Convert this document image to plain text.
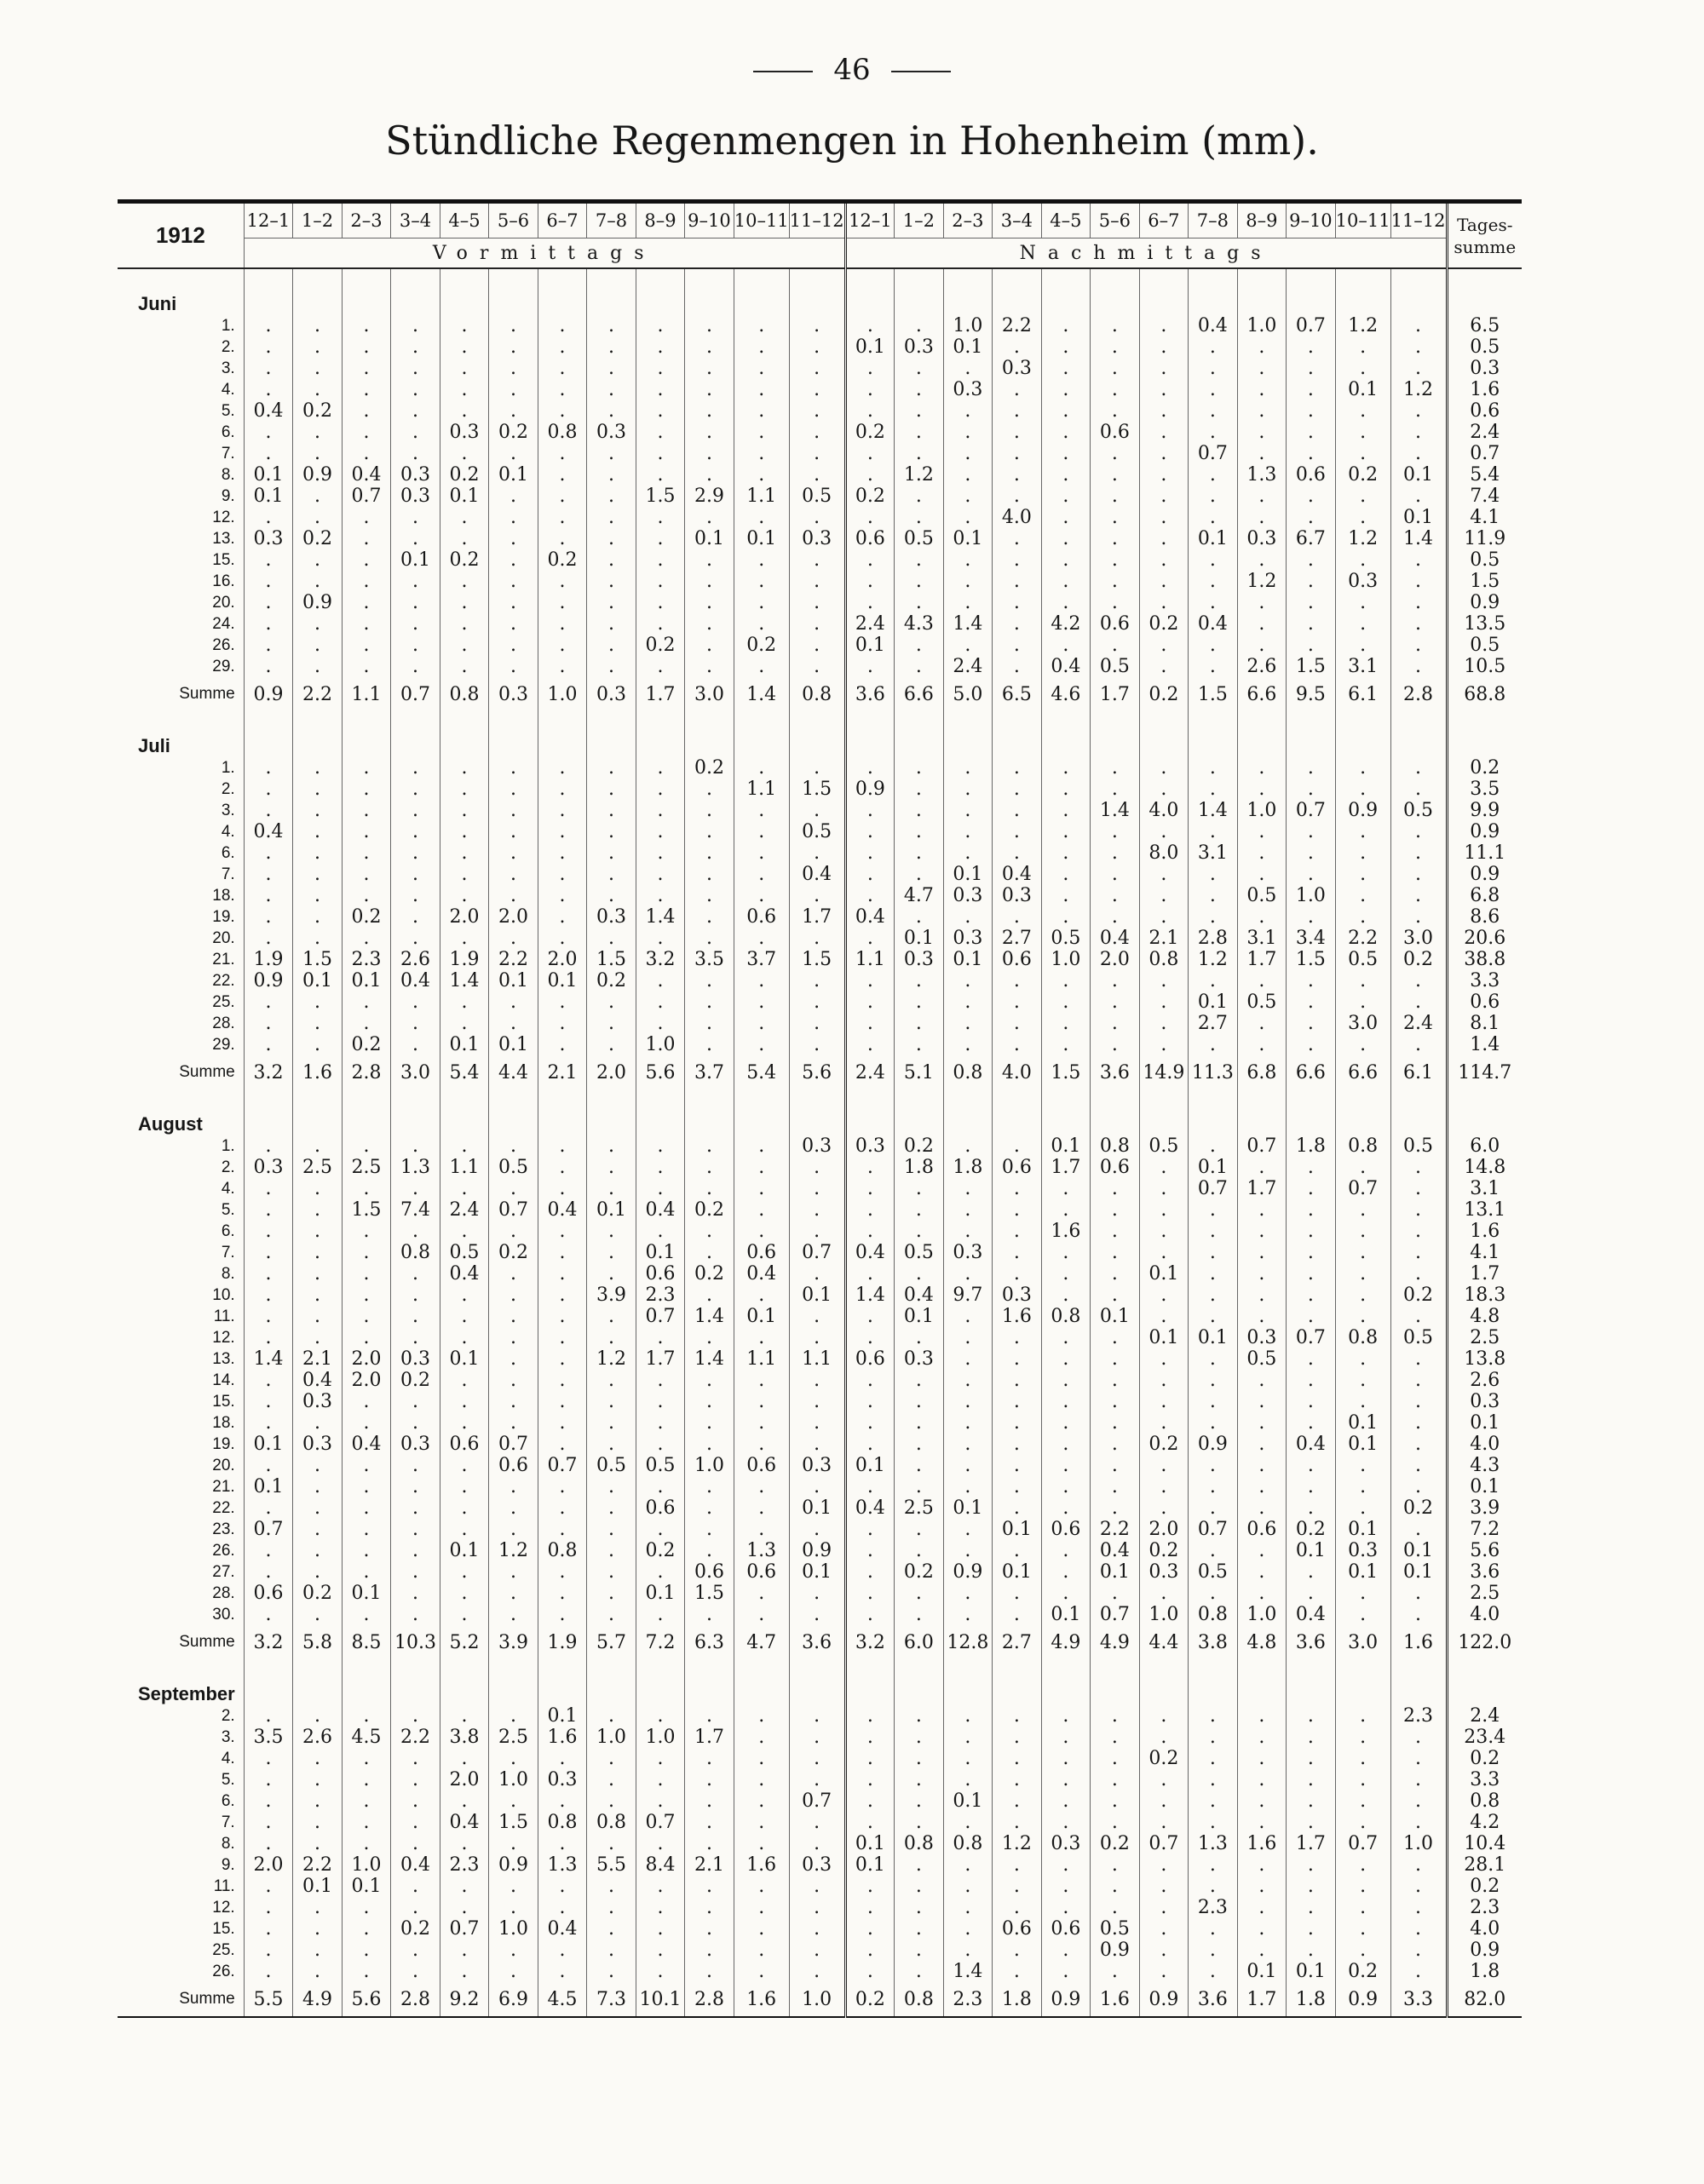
46
Stündliche Regenmengen in Hohenheim (mm).
1912	12–1	1–2	2–3	3–4	4–5	5–6	6–7	7–8	8–9	9–10	10–11	11–12	12–1	1–2	2–3	3–4	4–5	5–6	6–7	7–8	8–9	9–10	10–11	11–12	Tages-
summe

	Vormittags												Nachmittags												

Juni																									
1.	.	.	.	.	.	.	.	.	.	.	.	.	.	.	1.0	2.2	.	.	.	0.4	1.0	0.7	1.2	.	6.5
2.	.	.	.	.	.	.	.	.	.	.	.	.	0.1	0.3	0.1	.	.	.	.	.	.	.	.	.	0.5
3.	.	.	.	.	.	.	.	.	.	.	.	.	.	.	.	0.3	.	.	.	.	.	.	.	.	0.3
4.	.	.	.	.	.	.	.	.	.	.	.	.	.	.	0.3	.	.	.	.	.	.	.	0.1	1.2	1.6
5.	0.4	0.2	.	.	.	.	.	.	.	.	.	.	.	.	.	.	.	.	.	.	.	.	.	.	0.6
6.	.	.	.	.	0.3	0.2	0.8	0.3	.	.	.	.	0.2	.	.	.	.	0.6	.	.	.	.	.	.	2.4
7.	.	.	.	.	.	.	.	.	.	.	.	.	.	.	.	.	.	.	.	0.7	.	.	.	.	0.7
8.	0.1	0.9	0.4	0.3	0.2	0.1	.	.	.	.	.	.	.	1.2	.	.	.	.	.	.	1.3	0.6	0.2	0.1	5.4
9.	0.1	.	0.7	0.3	0.1	.	.	.	1.5	2.9	1.1	0.5	0.2	.	.	.	.	.	.	.	.	.	.	.	7.4
12.	.	.	.	.	.	.	.	.	.	.	.	.	.	.	.	4.0	.	.	.	.	.	.	.	0.1	4.1
13.	0.3	0.2	.	.	.	.	.	.	.	0.1	0.1	0.3	0.6	0.5	0.1	.	.	.	.	0.1	0.3	6.7	1.2	1.4	11.9
15.	.	.	.	0.1	0.2	.	0.2	.	.	.	.	.	.	.	.	.	.	.	.	.	.	.	.	.	0.5
16.	.	.	.	.	.	.	.	.	.	.	.	.	.	.	.	.	.	.	.	.	1.2	.	0.3	.	1.5
20.	.	0.9	.	.	.	.	.	.	.	.	.	.	.	.	.	.	.	.	.	.	.	.	.	.	0.9
24.	.	.	.	.	.	.	.	.	.	.	.	.	2.4	4.3	1.4	.	4.2	0.6	0.2	0.4	.	.	.	.	13.5
26.	.	.	.	.	.	.	.	.	0.2	.	0.2	.	0.1	.	.	.	.	.	.	.	.	.	.	.	0.5
29.	.	.	.	.	.	.	.	.	.	.	.	.	.	.	2.4	.	0.4	0.5	.	.	2.6	1.5	3.1	.	10.5
Summe	0.9	2.2	1.1	0.7	0.8	0.3	1.0	0.3	1.7	3.0	1.4	0.8	3.6	6.6	5.0	6.5	4.6	1.7	0.2	1.5	6.6	9.5	6.1	2.8	68.8

Juli																									
1.	.	.	.	.	.	.	.	.	.	0.2	.	.	.	.	.	.	.	.	.	.	.	.	.	.	0.2
2.	.	.	.	.	.	.	.	.	.	.	1.1	1.5	0.9	.	.	.	.	.	.	.	.	.	.	.	3.5
3.	.	.	.	.	.	.	.	.	.	.	.	.	.	.	.	.	.	1.4	4.0	1.4	1.0	0.7	0.9	0.5	9.9
4.	0.4	.	.	.	.	.	.	.	.	.	.	0.5	.	.	.	.	.	.	.	.	.	.	.	.	0.9
6.	.	.	.	.	.	.	.	.	.	.	.	.	.	.	.	.	.	.	8.0	3.1	.	.	.	.	11.1
7.	.	.	.	.	.	.	.	.	.	.	.	0.4	.	.	0.1	0.4	.	.	.	.	.	.	.	.	0.9
18.	.	.	.	.	.	.	.	.	.	.	.	.	.	4.7	0.3	0.3	.	.	.	.	0.5	1.0	.	.	6.8
19.	.	.	0.2	.	2.0	2.0	.	0.3	1.4	.	0.6	1.7	0.4	.	.	.	.	.	.	.	.	.	.	.	8.6
20.	.	.	.	.	.	.	.	.	.	.	.	.	.	0.1	0.3	2.7	0.5	0.4	2.1	2.8	3.1	3.4	2.2	3.0	20.6
21.	1.9	1.5	2.3	2.6	1.9	2.2	2.0	1.5	3.2	3.5	3.7	1.5	1.1	0.3	0.1	0.6	1.0	2.0	0.8	1.2	1.7	1.5	0.5	0.2	38.8
22.	0.9	0.1	0.1	0.4	1.4	0.1	0.1	0.2	.	.	.	.	.	.	.	.	.	.	.	.	.	.	.	.	3.3
25.	.	.	.	.	.	.	.	.	.	.	.	.	.	.	.	.	.	.	.	0.1	0.5	.	.	.	0.6
28.	.	.	.	.	.	.	.	.	.	.	.	.	.	.	.	.	.	.	.	2.7	.	.	3.0	2.4	8.1
29.	.	.	0.2	.	0.1	0.1	.	.	1.0	.	.	.	.	.	.	.	.	.	.	.	.	.	.	.	1.4
Summe	3.2	1.6	2.8	3.0	5.4	4.4	2.1	2.0	5.6	3.7	5.4	5.6	2.4	5.1	0.8	4.0	1.5	3.6	14.9	11.3	6.8	6.6	6.6	6.1	114.7

August																									
1.	.	.	.	.	.	.	.	.	.	.	.	0.3	0.3	0.2	.	.	0.1	0.8	0.5	.	0.7	1.8	0.8	0.5	6.0
2.	0.3	2.5	2.5	1.3	1.1	0.5	.	.	.	.	.	.	.	1.8	1.8	0.6	1.7	0.6	.	0.1	.	.	.	.	14.8
4.	.	.	.	.	.	.	.	.	.	.	.	.	.	.	.	.	.	.	.	0.7	1.7	.	0.7	.	3.1
5.	.	.	1.5	7.4	2.4	0.7	0.4	0.1	0.4	0.2	.	.	.	.	.	.	.	.	.	.	.	.	.	.	13.1
6.	.	.	.	.	.	.	.	.	.	.	.	.	.	.	.	.	1.6	.	.	.	.	.	.	.	1.6
7.	.	.	.	0.8	0.5	0.2	.	.	0.1	.	0.6	0.7	0.4	0.5	0.3	.	.	.	.	.	.	.	.	.	4.1
8.	.	.	.	.	0.4	.	.	.	0.6	0.2	0.4	.	.	.	.	.	.	.	0.1	.	.	.	.	.	1.7
10.	.	.	.	.	.	.	.	3.9	2.3	.	.	0.1	1.4	0.4	9.7	0.3	.	.	.	.	.	.	.	0.2	18.3
11.	.	.	.	.	.	.	.	.	0.7	1.4	0.1	.	.	0.1	.	1.6	0.8	0.1	.	.	.	.	.	.	4.8
12.	.	.	.	.	.	.	.	.	.	.	.	.	.	.	.	.	.	.	0.1	0.1	0.3	0.7	0.8	0.5	2.5
13.	1.4	2.1	2.0	0.3	0.1	.	.	1.2	1.7	1.4	1.1	1.1	0.6	0.3	.	.	.	.	.	.	0.5	.	.	.	13.8
14.	.	0.4	2.0	0.2	.	.	.	.	.	.	.	.	.	.	.	.	.	.	.	.	.	.	.	.	2.6
15.	.	0.3	.	.	.	.	.	.	.	.	.	.	.	.	.	.	.	.	.	.	.	.	.	.	0.3
18.	.	.	.	.	.	.	.	.	.	.	.	.	.	.	.	.	.	.	.	.	.	.	0.1	.	0.1
19.	0.1	0.3	0.4	0.3	0.6	0.7	.	.	.	.	.	.	.	.	.	.	.	.	0.2	0.9	.	0.4	0.1	.	4.0
20.	.	.	.	.	.	0.6	0.7	0.5	0.5	1.0	0.6	0.3	0.1	.	.	.	.	.	.	.	.	.	.	.	4.3
21.	0.1	.	.	.	.	.	.	.	.	.	.	.	.	.	.	.	.	.	.	.	.	.	.	.	0.1
22.	.	.	.	.	.	.	.	.	0.6	.	.	0.1	0.4	2.5	0.1	.	.	.	.	.	.	.	.	0.2	3.9
23.	0.7	.	.	.	.	.	.	.	.	.	.	.	.	.	.	0.1	0.6	2.2	2.0	0.7	0.6	0.2	0.1	.	7.2
26.	.	.	.	.	0.1	1.2	0.8	.	0.2	.	1.3	0.9	.	.	.	.	.	0.4	0.2	.	.	0.1	0.3	0.1	5.6
27.	.	.	.	.	.	.	.	.	.	0.6	0.6	0.1	.	0.2	0.9	0.1	.	0.1	0.3	0.5	.	.	0.1	0.1	3.6
28.	0.6	0.2	0.1	.	.	.	.	.	0.1	1.5	.	.	.	.	.	.	.	.	.	.	.	.	.	.	2.5
30.	.	.	.	.	.	.	.	.	.	.	.	.	.	.	.	.	0.1	0.7	1.0	0.8	1.0	0.4	.	.	4.0
Summe	3.2	5.8	8.5	10.3	5.2	3.9	1.9	5.7	7.2	6.3	4.7	3.6	3.2	6.0	12.8	2.7	4.9	4.9	4.4	3.8	4.8	3.6	3.0	1.6	122.0

September																									
2.	.	.	.	.	.	.	0.1	.	.	.	.	.	.	.	.	.	.	.	.	.	.	.	.	2.3	2.4
3.	3.5	2.6	4.5	2.2	3.8	2.5	1.6	1.0	1.0	1.7	.	.	.	.	.	.	.	.	.	.	.	.	.	.	23.4
4.	.	.	.	.	.	.	.	.	.	.	.	.	.	.	.	.	.	.	0.2	.	.	.	.	.	0.2
5.	.	.	.	.	2.0	1.0	0.3	.	.	.	.	.	.	.	.	.	.	.	.	.	.	.	.	.	3.3
6.	.	.	.	.	.	.	.	.	.	.	.	0.7	.	.	0.1	.	.	.	.	.	.	.	.	.	0.8
7.	.	.	.	.	0.4	1.5	0.8	0.8	0.7	.	.	.	.	.	.	.	.	.	.	.	.	.	.	.	4.2
8.	.	.	.	.	.	.	.	.	.	.	.	.	0.1	0.8	0.8	1.2	0.3	0.2	0.7	1.3	1.6	1.7	0.7	1.0	10.4
9.	2.0	2.2	1.0	0.4	2.3	0.9	1.3	5.5	8.4	2.1	1.6	0.3	0.1	.	.	.	.	.	.	.	.	.	.	.	28.1
11.	.	0.1	0.1	.	.	.	.	.	.	.	.	.	.	.	.	.	.	.	.	.	.	.	.	.	0.2
12.	.	.	.	.	.	.	.	.	.	.	.	.	.	.	.	.	.	.	.	2.3	.	.	.	.	2.3
15.	.	.	.	0.2	0.7	1.0	0.4	.	.	.	.	.	.	.	.	0.6	0.6	0.5	.	.	.	.	.	.	4.0
25.	.	.	.	.	.	.	.	.	.	.	.	.	.	.	.	.	.	0.9	.	.	.	.	.	.	0.9
26.	.	.	.	.	.	.	.	.	.	.	.	.	.	.	1.4	.	.	.	.	.	0.1	0.1	0.2	.	1.8
Summe	5.5	4.9	5.6	2.8	9.2	6.9	4.5	7.3	10.1	2.8	1.6	1.0	0.2	0.8	2.3	1.8	0.9	1.6	0.9	3.6	1.7	1.8	0.9	3.3	82.0
